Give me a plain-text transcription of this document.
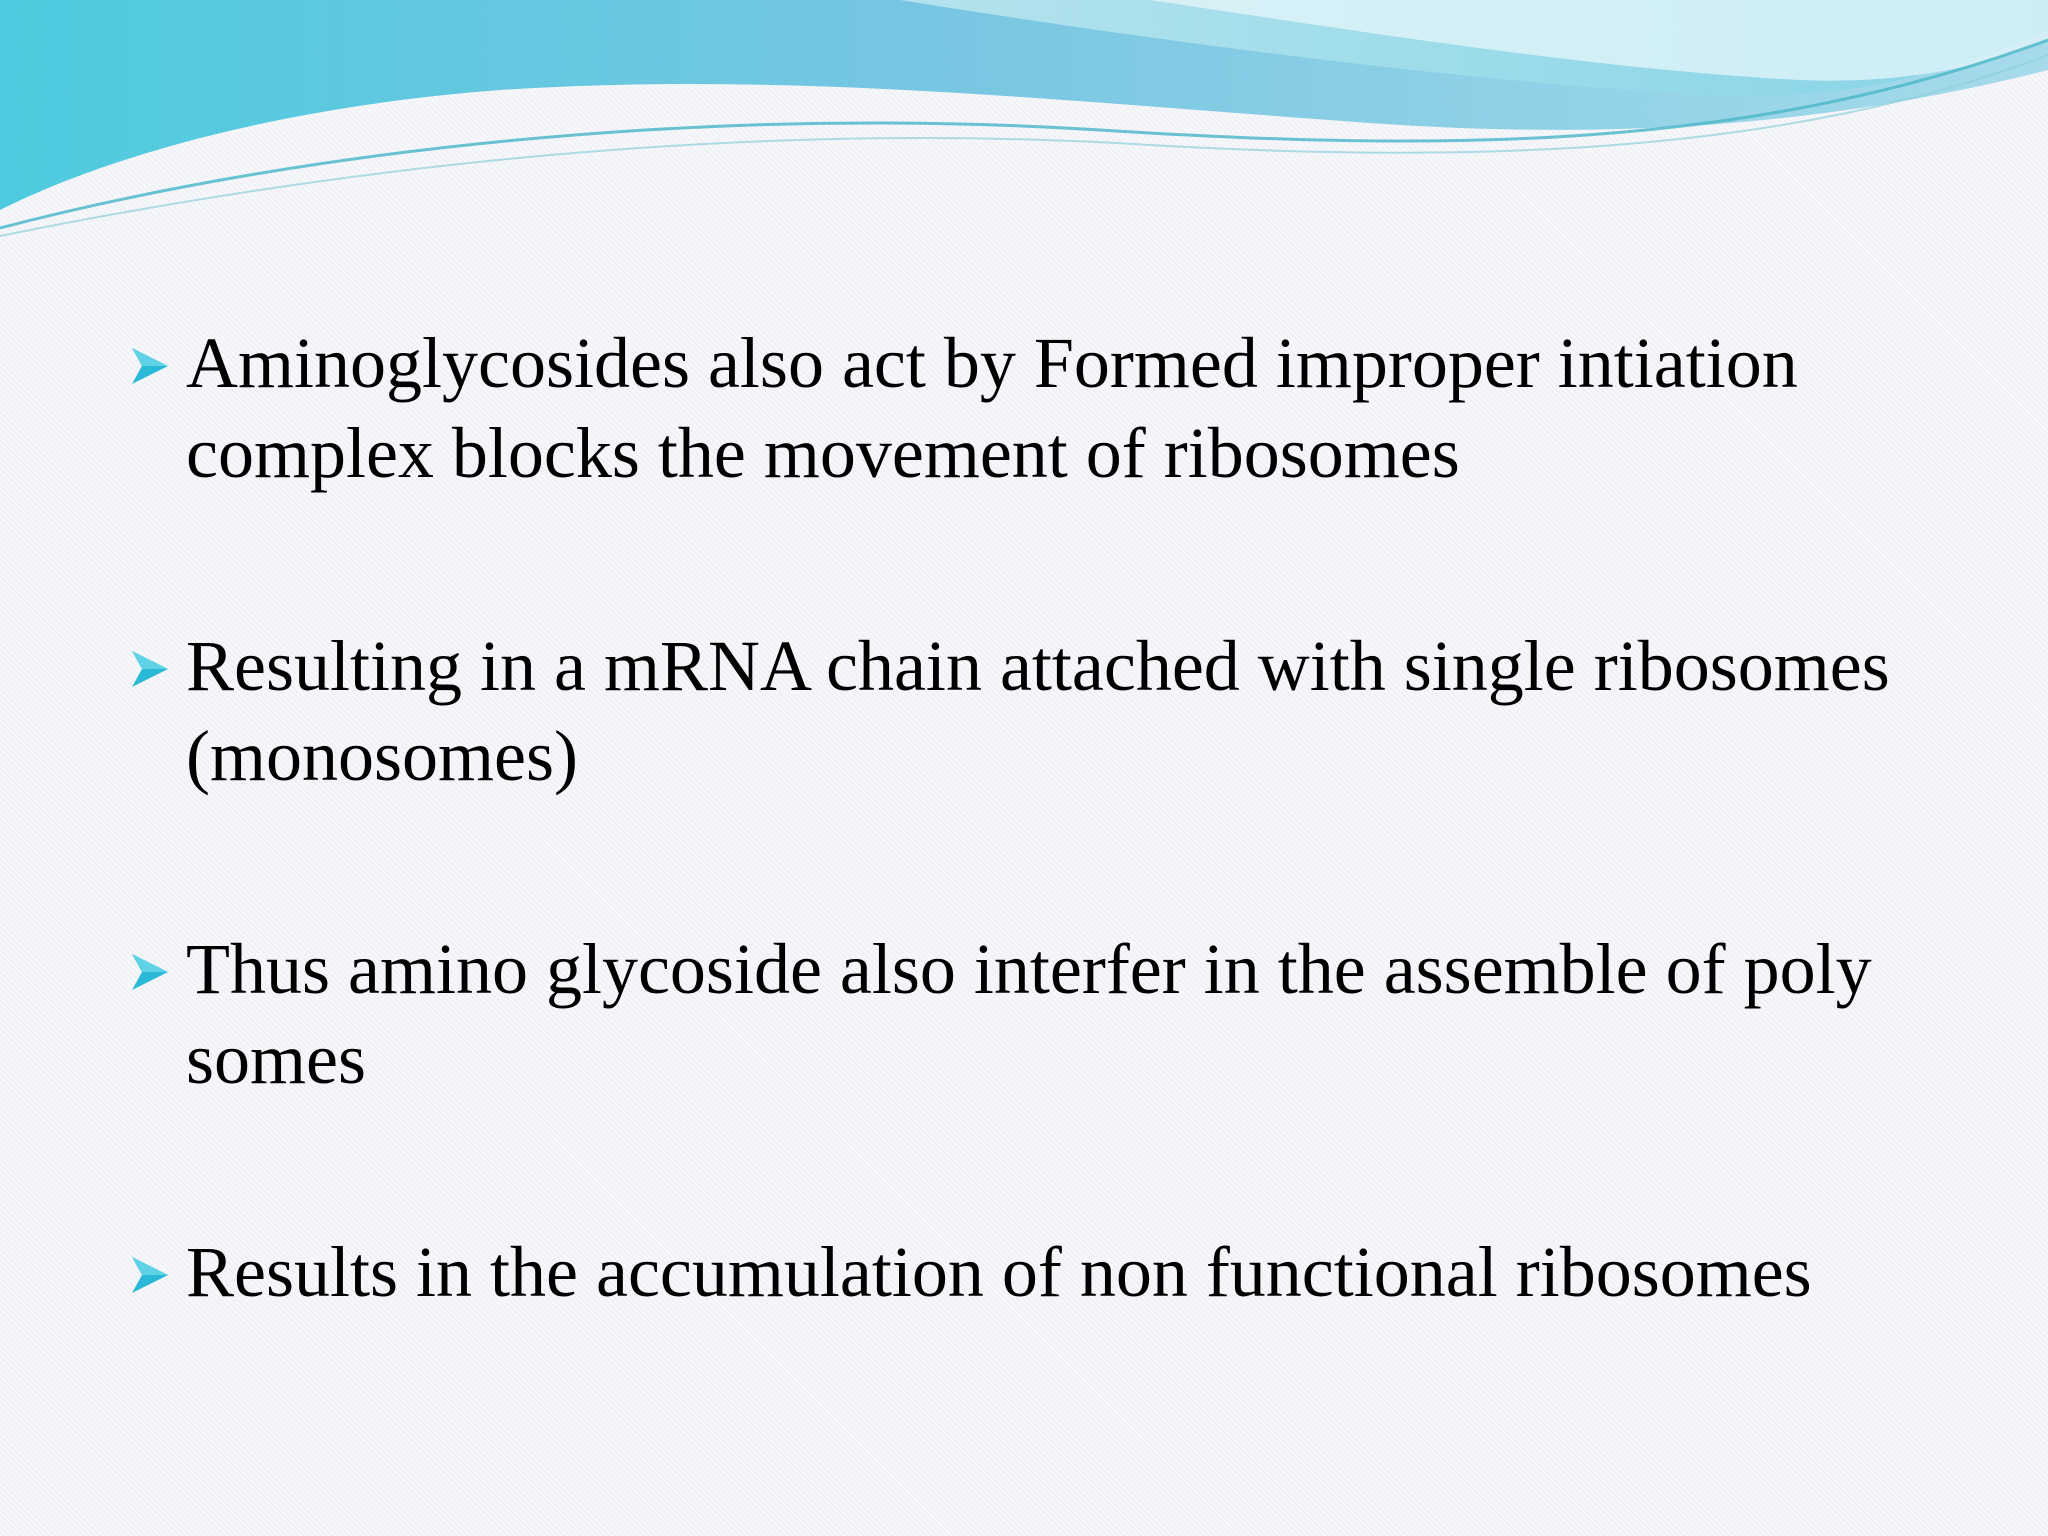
Aminoglycosides also act by Formed improper intiation complex blocks the movement of ribosomes
Resulting in a mRNA chain attached with single ribosomes (monosomes)
Thus amino glycoside also interfer in the assemble of poly somes
Results in the accumulation of non functional ribosomes
